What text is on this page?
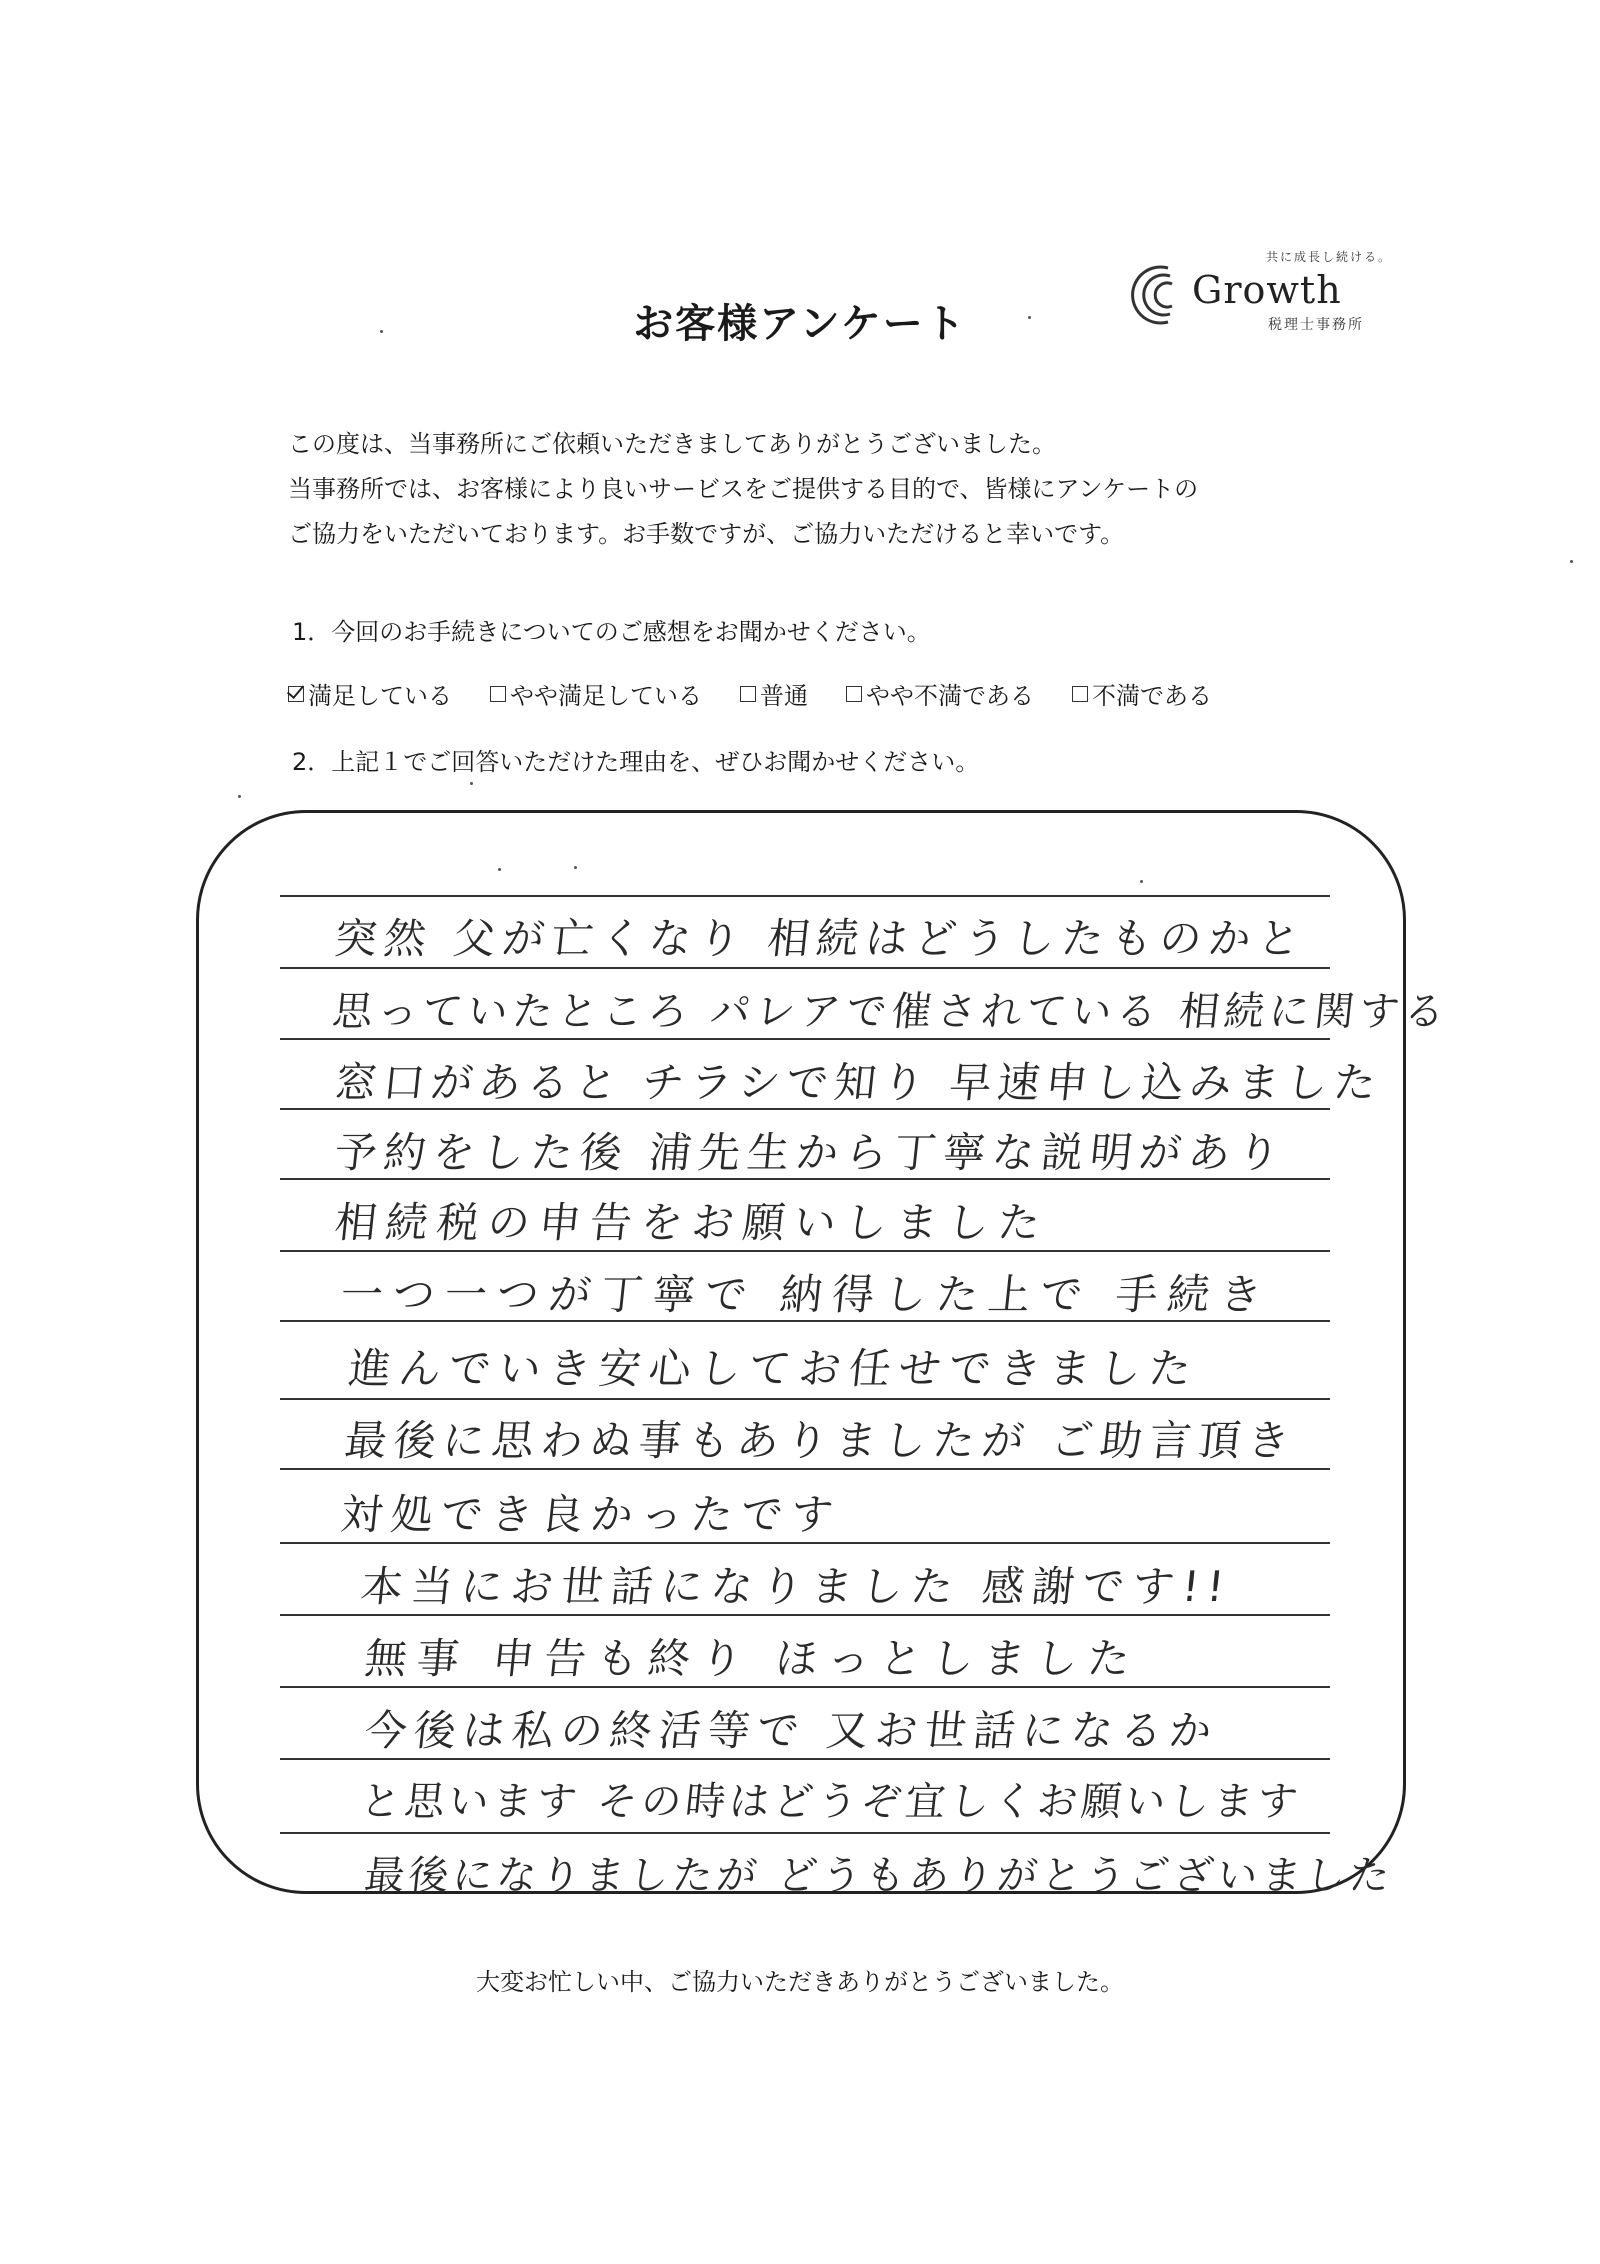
共に成長し続ける。
Growth
税理士事務所
お客様アンケート

この度は、当事務所にご依頼いただきましてありがとうございました。

当事務所では、お客様により良いサービスをご提供する目的で、皆様にアンケートの

ご協力をいただいております。お手数ですが、ご協力いただけると幸いです。

1．今回のお手続きについてのご感想をお聞かせください。
満足している やや満足している 普通 やや不満である 不満である
2．上記１でご回答いただけた理由を、ぜひお聞かせください。
突然 父が亡くなり 相続はどうしたものかと
思っていたところ パレアで催されている 相続に関する
窓口があると チラシで知り 早速申し込みました
予約をした後 浦先生から丁寧な説明があり
相続税の申告をお願いしました
一つ一つが丁寧で 納得した上で 手続き
進んでいき安心してお任せできました
最後に思わぬ事もありましたが ご助言頂き
対処でき良かったです
本当にお世話になりました 感謝です!!
無事 申告も終り ほっとしました
今後は私の終活等で 又お世話になるか
と思います その時はどうぞ宜しくお願いします
最後になりましたが どうもありがとうございました
大変お忙しい中、ご協力いただきありがとうございました。
